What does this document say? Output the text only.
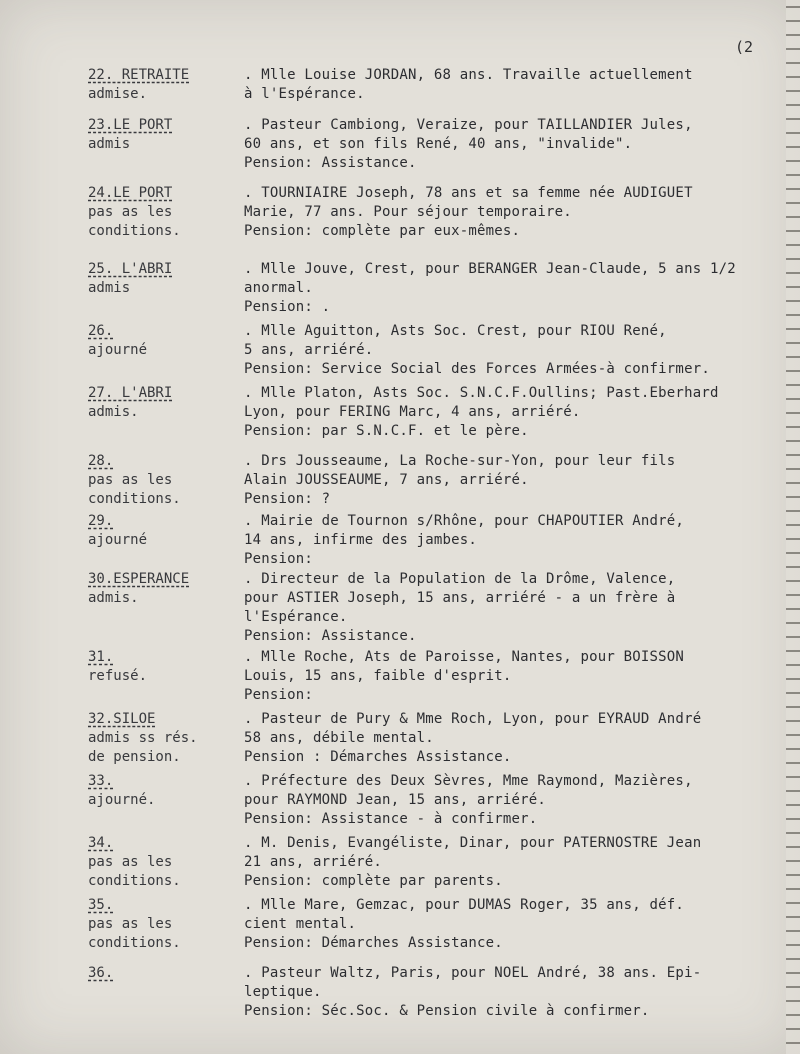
(2
22. RETRAITE
admise.
. Mlle Louise JORDAN, 68 ans. Travaille actuellement
à l'Espérance.
23.LE PORT
admis
. Pasteur Cambiong, Veraize, pour TAILLANDIER Jules,
60 ans, et son fils René, 40 ans, "invalide".
Pension: Assistance.
24.LE PORT
pas as les
conditions.
. TOURNIAIRE Joseph, 78 ans et sa femme née AUDIGUET
Marie, 77 ans. Pour séjour temporaire.
Pension: complète par eux-mêmes.
25. L'ABRI
admis
. Mlle Jouve, Crest, pour BERANGER Jean-Claude, 5 ans 1/2
anormal.
Pension: .
26.
ajourné
. Mlle Aguitton, Asts Soc. Crest, pour RIOU René,
5 ans, arriéré.
Pension: Service Social des Forces Armées-à confirmer.
27. L'ABRI
admis.
. Mlle Platon, Asts Soc. S.N.C.F.Oullins; Past.Eberhard
Lyon, pour FERING Marc, 4 ans, arriéré.
Pension: par S.N.C.F. et le père.
28.
pas as les
conditions.
. Drs Jousseaume, La Roche-sur-Yon, pour leur fils
Alain JOUSSEAUME, 7 ans, arriéré.
Pension: ?
29.
ajourné
. Mairie de Tournon s/Rhône, pour CHAPOUTIER André,
14 ans, infirme des jambes.
Pension:
30.ESPERANCE
admis.
. Directeur de la Population de la Drôme, Valence,
pour ASTIER Joseph, 15 ans, arriéré - a un frère à
l'Espérance.
Pension: Assistance.
31.
refusé.
. Mlle Roche, Ats de Paroisse, Nantes, pour BOISSON
Louis, 15 ans, faible d'esprit.
Pension:
32.SILOE
admis ss rés.
de pension.
. Pasteur de Pury & Mme Roch, Lyon, pour EYRAUD André
58 ans, débile mental.
Pension : Démarches Assistance.
33.
ajourné.
. Préfecture des Deux Sèvres, Mme Raymond, Mazières,
pour RAYMOND Jean, 15 ans, arriéré.
Pension: Assistance - à confirmer.
34.
pas as les
conditions.
. M. Denis, Evangéliste, Dinar, pour PATERNOSTRE Jean
21 ans, arriéré.
Pension: complète par parents.
35.
pas as les
conditions.
. Mlle Mare, Gemzac, pour DUMAS Roger, 35 ans, déf.
cient mental.
Pension: Démarches Assistance.
36.	. Pasteur Waltz, Paris, pour NOEL André, 38 ans. Epi-
leptique.
Pension: Séc.Soc. & Pension civile à confirmer.
